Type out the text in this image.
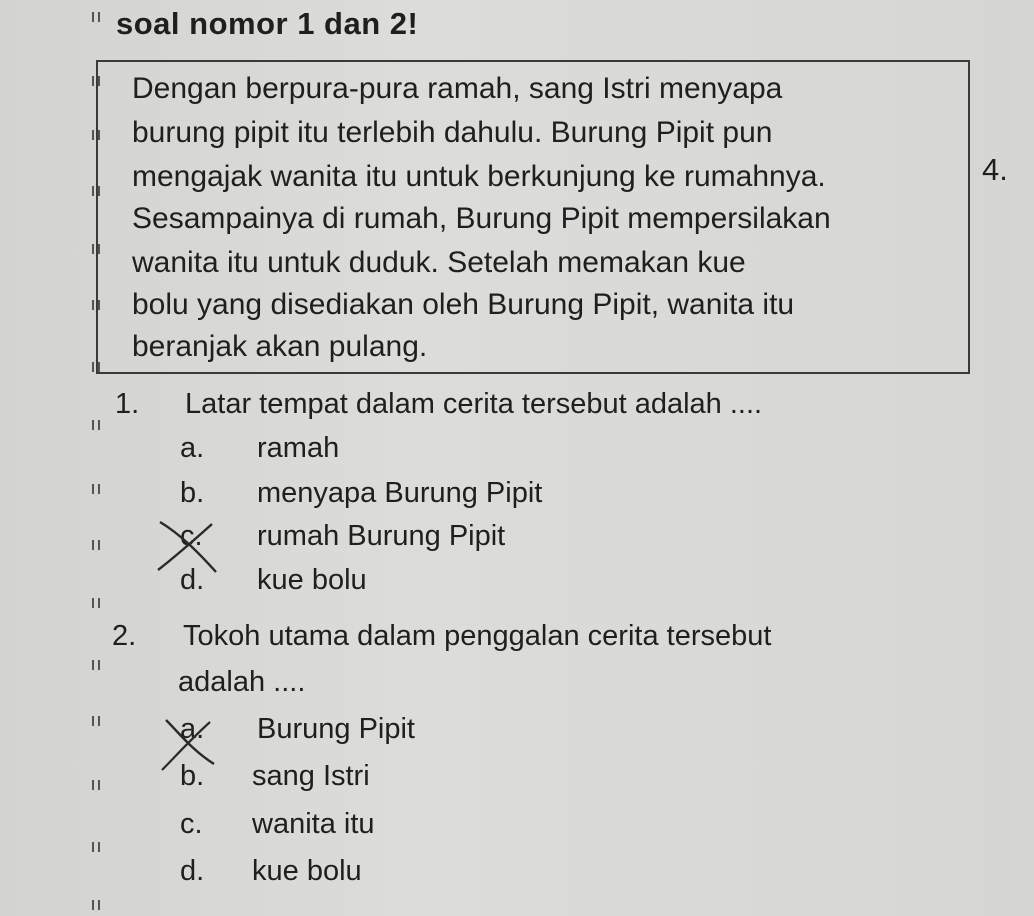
soal nomor 1 dan 2!
Dengan berpura-pura ramah, sang Istri menyapa
burung pipit itu terlebih dahulu. Burung Pipit pun
mengajak wanita itu untuk berkunjung ke rumahnya.
Sesampainya di rumah, Burung Pipit mempersilakan
wanita itu untuk duduk. Setelah memakan kue
bolu yang disediakan oleh Burung Pipit, wanita itu
beranjak akan pulang.
4.
1. Latar tempat dalam cerita tersebut adalah ....
a. ramah
b. menyapa Burung Pipit
c. rumah Burung Pipit
d. kue bolu
2. Tokoh utama dalam penggalan cerita tersebut
adalah ....
a. Burung Pipit
b. sang Istri
c. wanita itu
d. kue bolu
